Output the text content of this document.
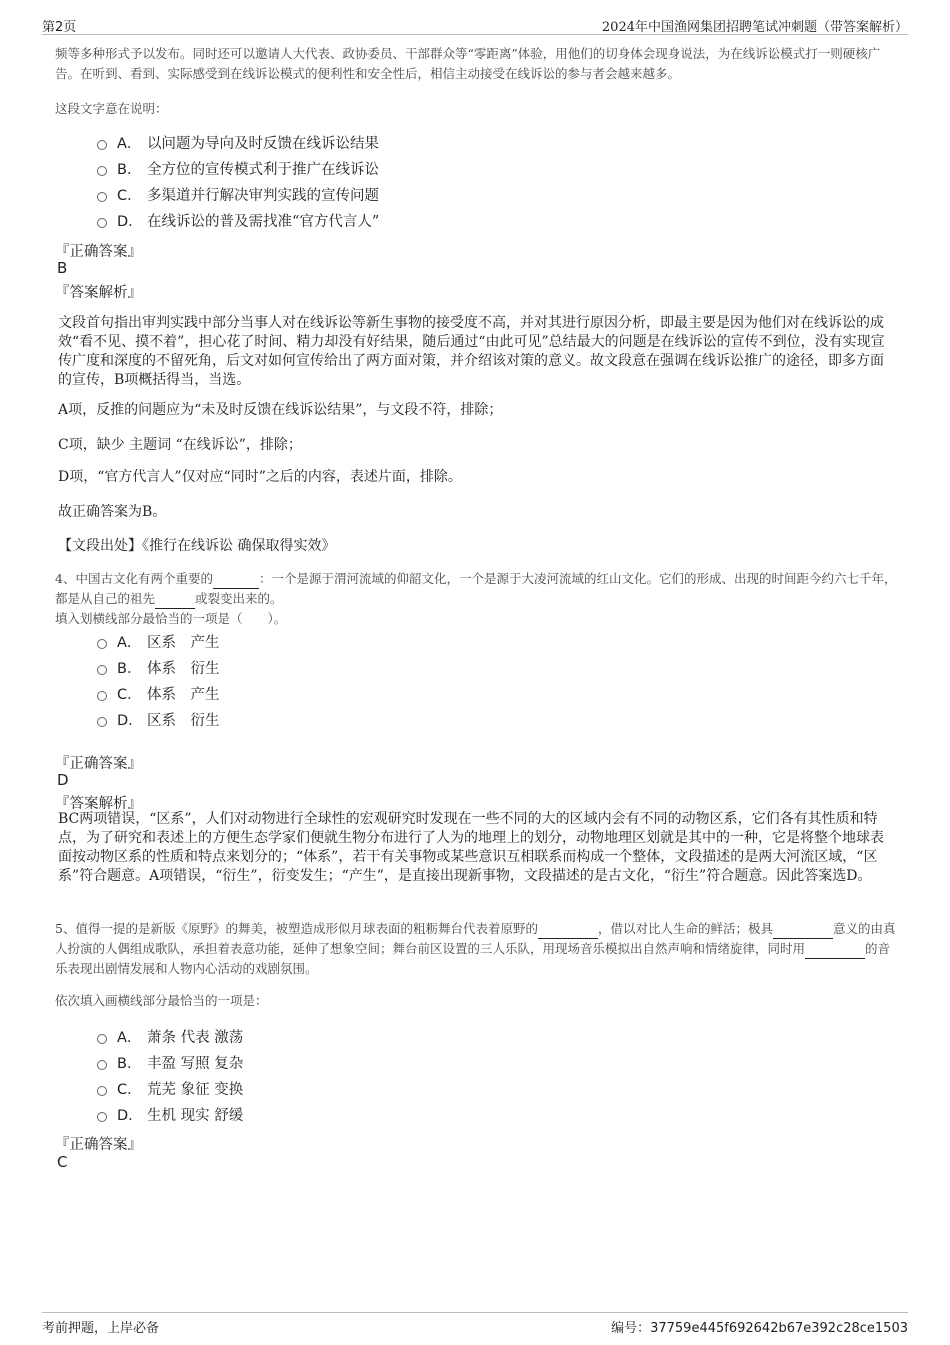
第2页	2024年中国渔网集团招聘笔试冲刺题（带答案解析）

频等多种形式予以发布。同时还可以邀请人大代表、政协委员、干部群众等“零距离”体验，用他们的切身体会现身说法，为在线诉讼模式打一则硬核广告。在听到、看到、实际感受到在线诉讼模式的便利性和安全性后，相信主动接受在线诉讼的参与者会越来越多。

这段文字意在说明：

A． 以问题为导向及时反馈在线诉讼结果
B． 全方位的宣传模式利于推广在线诉讼
C． 多渠道并行解决审判实践的宣传问题
D． 在线诉讼的普及需找准“官方代言人”
『正确答案』
B
『答案解析』

文段首句指出审判实践中部分当事人对在线诉讼等新生事物的接受度不高，并对其进行原因分析，即最主要是因为他们对在线诉讼的成效“看不见、摸不着”，担心花了时间、精力却没有好结果，随后通过“由此可见”总结最大的问题是在线诉讼的宣传不到位，没有实现宣传广度和深度的不留死角，后文对如何宣传给出了两方面对策，并介绍该对策的意义。故文段意在强调在线诉讼推广的途径，即多方面的宣传，B项概括得当，当选。

A项，反推的问题应为“未及时反馈在线诉讼结果”，与文段不符，排除；

C项，缺少 主题词 “在线诉讼”，排除；

D项，“官方代言人”仅对应“同时”之后的内容，表述片面，排除。

故正确答案为B。

【文段出处】《推行在线诉讼 确保取得实效》

4、中国古文化有两个重要的	：一个是源于渭河流域的仰韶文化，一个是源于大凌河流域的红山文化。它们的形成、出现的时间距今约六七千年，都是从自己的祖先	或裂变出来的。

填入划横线部分最恰当的一项是（　　）。

A． 区系　产生
B． 体系　衍生
C． 体系　产生
D． 区系　衍生
『正确答案』
D
『答案解析』

BC两项错误，“区系”，人们对动物进行全球性的宏观研究时发现在一些不同的大的区域内会有不同的动物区系，它们各有其性质和特点，为了研究和表述上的方便生态学家们便就生物分布进行了人为的地理上的划分，动物地理区划就是其中的一种，它是将整个地球表面按动物区系的性质和特点来划分的；“体系”，若干有关事物或某些意识互相联系而构成一个整体，文段描述的是两大河流区域，“区系”符合题意。A项错误，“衍生”，衍变发生；“产生”，是直接出现新事物，文段描述的是古文化，“衍生”符合题意。因此答案选D。

5、值得一提的是新版《原野》的舞美，被塑造成形似月球表面的粗粝舞台代表着原野的	，借以对比人生命的鲜活；极具	意义的由真人扮演的人偶组成歌队，承担着表意功能，延伸了想象空间；舞台前区设置的三人乐队，用现场音乐模拟出自然声响和情绪旋律，同时用	的音乐表现出剧情发展和人物内心活动的戏剧氛围。

依次填入画横线部分最恰当的一项是：

A． 萧条 代表 激荡
B． 丰盈 写照 复杂
C． 荒芜 象征 变换
D． 生机 现实 舒缓
『正确答案』
C
考前押题，上岸必备	编号：37759e445f692642b67e392c28ce1503
